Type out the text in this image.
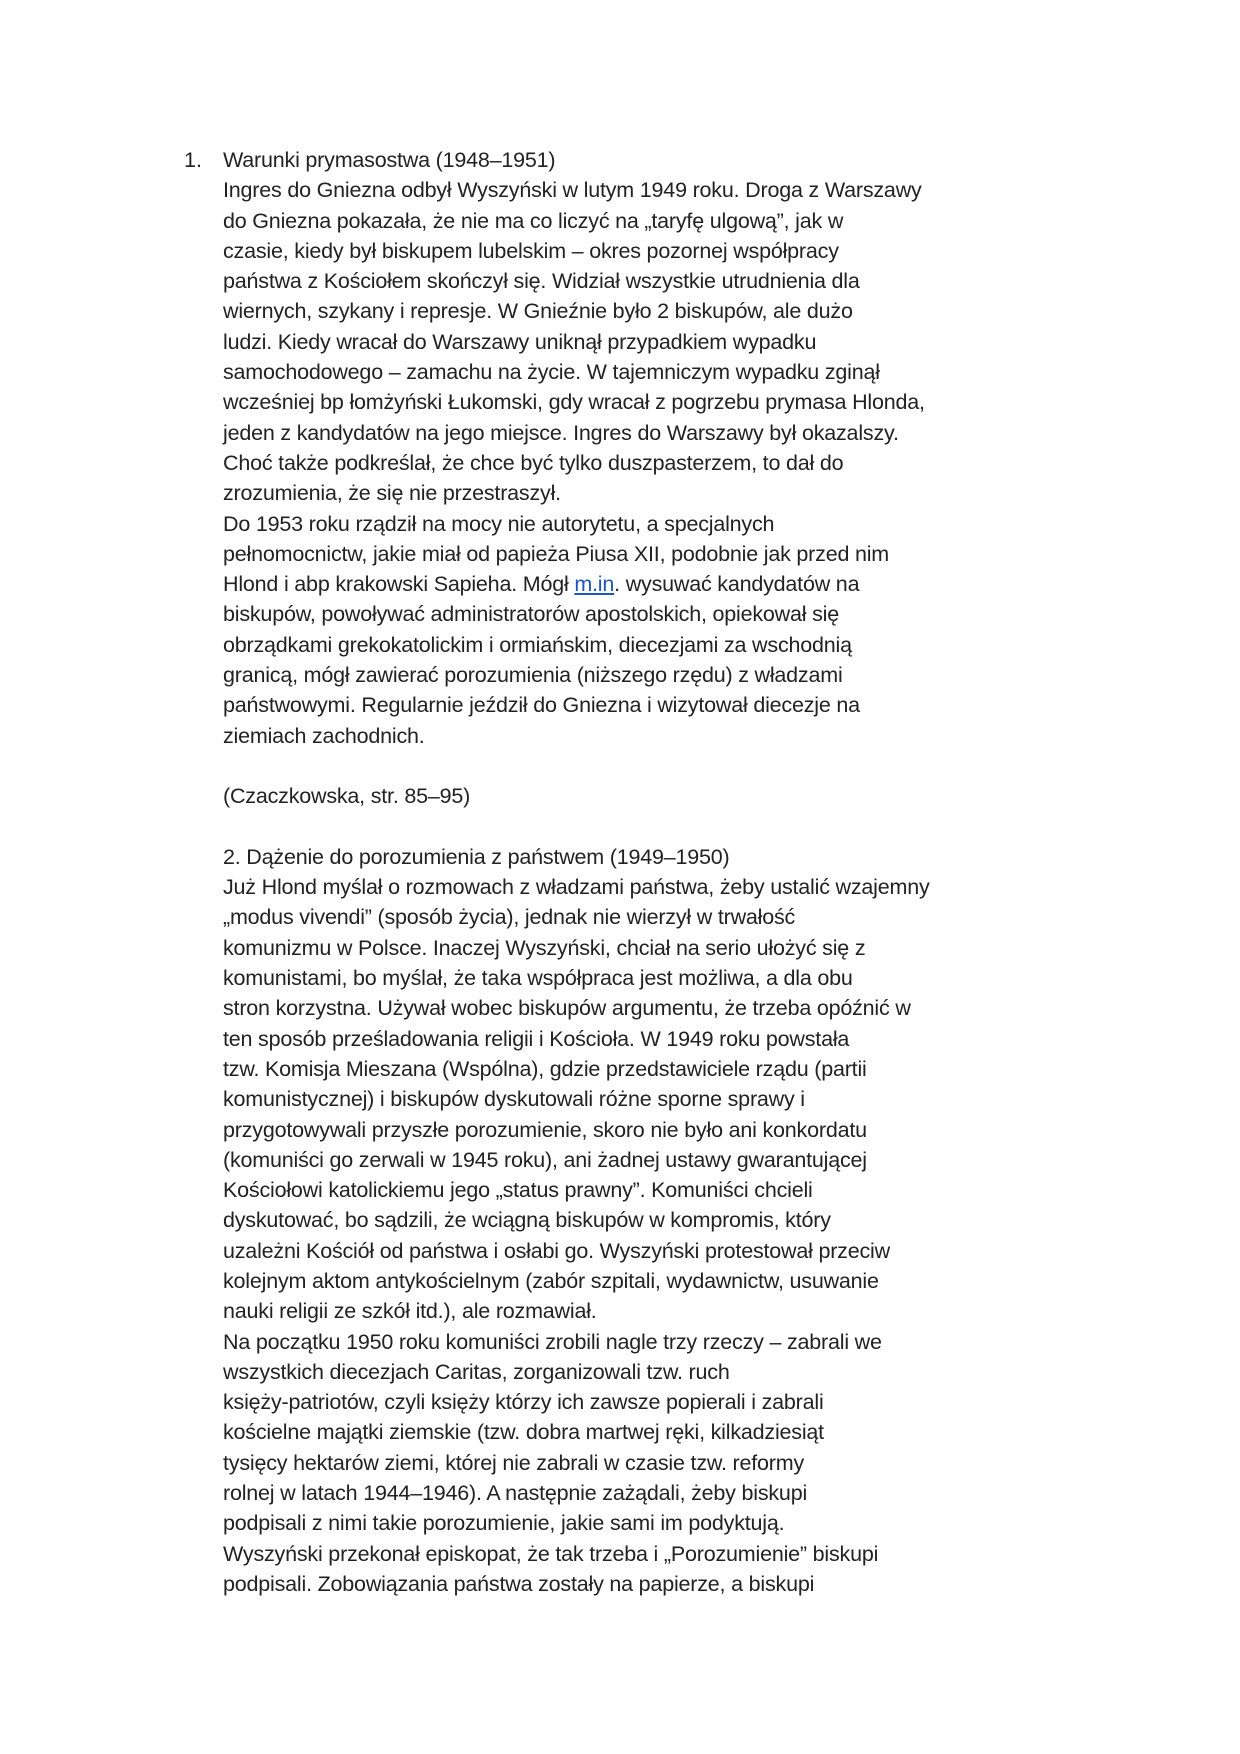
1. Warunki prymasostwa (1948–1951)
Ingres do Gniezna odbył Wyszyński w lutym 1949 roku. Droga z Warszawy
do Gniezna pokazała, że nie ma co liczyć na „taryfę ulgową”, jak w
czasie, kiedy był biskupem lubelskim – okres pozornej współpracy
państwa z Kościołem skończył się. Widział wszystkie utrudnienia dla
wiernych, szykany i represje. W Gnieźnie było 2 biskupów, ale dużo
ludzi. Kiedy wracał do Warszawy uniknął przypadkiem wypadku
samochodowego – zamachu na życie. W tajemniczym wypadku zginął
wcześniej bp łomżyński Łukomski, gdy wracał z pogrzebu prymasa Hlonda,
jeden z kandydatów na jego miejsce. Ingres do Warszawy był okazalszy.
Choć także podkreślał, że chce być tylko duszpasterzem, to dał do
zrozumienia, że się nie przestraszył.
Do 1953 roku rządził na mocy nie autorytetu, a specjalnych
pełnomocnictw, jakie miał od papieża Piusa XII, podobnie jak przed nim
Hlond i abp krakowski Sapieha. Mógł m.in. wysuwać kandydatów na
biskupów, powoływać administratorów apostolskich, opiekował się
obrządkami grekokatolickim i ormiańskim, diecezjami za wschodnią
granicą, mógł zawierać porozumienia (niższego rzędu) z władzami
państwowymi. Regularnie jeździł do Gniezna i wizytował diecezje na
ziemiach zachodnich.
(Czaczkowska, str. 85–95)
2. Dążenie do porozumienia z państwem (1949–1950)
Już Hlond myślał o rozmowach z władzami państwa, żeby ustalić wzajemny
„modus vivendi” (sposób życia), jednak nie wierzył w trwałość
komunizmu w Polsce. Inaczej Wyszyński, chciał na serio ułożyć się z
komunistami, bo myślał, że taka współpraca jest możliwa, a dla obu
stron korzystna. Używał wobec biskupów argumentu, że trzeba opóźnić w
ten sposób prześladowania religii i Kościoła. W 1949 roku powstała
tzw. Komisja Mieszana (Wspólna), gdzie przedstawiciele rządu (partii
komunistycznej) i biskupów dyskutowali różne sporne sprawy i
przygotowywali przyszłe porozumienie, skoro nie było ani konkordatu
(komuniści go zerwali w 1945 roku), ani żadnej ustawy gwarantującej
Kościołowi katolickiemu jego „status prawny”. Komuniści chcieli
dyskutować, bo sądzili, że wciągną biskupów w kompromis, który
uzależni Kościół od państwa i osłabi go. Wyszyński protestował przeciw
kolejnym aktom antykościelnym (zabór szpitali, wydawnictw, usuwanie
nauki religii ze szkół itd.), ale rozmawiał.
Na początku 1950 roku komuniści zrobili nagle trzy rzeczy – zabrali we
wszystkich diecezjach Caritas, zorganizowali tzw. ruch
księży-patriotów, czyli księży którzy ich zawsze popierali i zabrali
kościelne majątki ziemskie (tzw. dobra martwej ręki, kilkadziesiąt
tysięcy hektarów ziemi, której nie zabrali w czasie tzw. reformy
rolnej w latach 1944–1946). A następnie zażądali, żeby biskupi
podpisali z nimi takie porozumienie, jakie sami im podyktują.
Wyszyński przekonał episkopat, że tak trzeba i „Porozumienie” biskupi
podpisali. Zobowiązania państwa zostały na papierze, a biskupi
